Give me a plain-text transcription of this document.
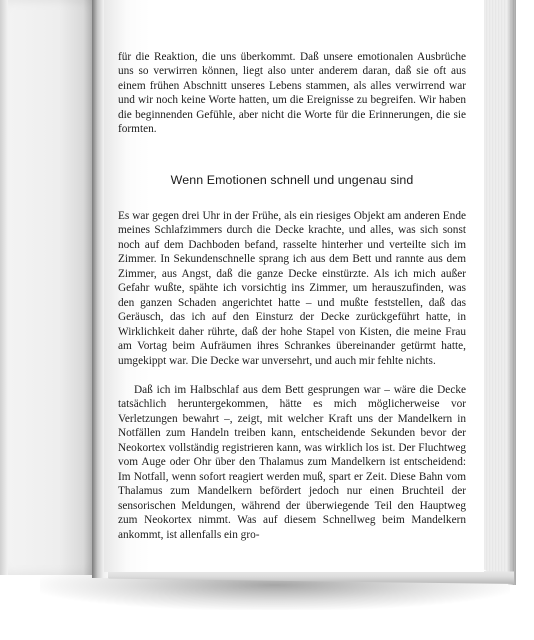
für die Reaktion, die uns überkommt. Daß unsere emotionalen Ausbrüche uns so verwirren können, liegt also unter anderem daran, daß sie oft aus einem frühen Abschnitt unseres Lebens stammen, als alles verwirrend war und wir noch keine Worte hatten, um die Ereignisse zu begreifen. Wir haben die beginnenden Gefühle, aber nicht die Worte für die Erinnerungen, die sie formten.

Wenn Emotionen schnell und ungenau sind

Es war gegen drei Uhr in der Frühe, als ein riesiges Objekt am anderen Ende meines Schlafzimmers durch die Decke krachte, und alles, was sich sonst noch auf dem Dachboden befand, rasselte hinterher und verteilte sich im Zimmer. In Sekundenschnelle sprang ich aus dem Bett und rannte aus dem Zimmer, aus Angst, daß die ganze Decke einstürzte. Als ich mich außer Gefahr wußte, spähte ich vorsichtig ins Zimmer, um herauszufinden, was den ganzen Schaden angerichtet hatte – und mußte feststellen, daß das Geräusch, das ich auf den Einsturz der Decke zurückgeführt hatte, in Wirklichkeit daher rührte, daß der hohe Stapel von Kisten, die meine Frau am Vortag beim Aufräumen ihres Schrankes übereinander getürmt hatte, umgekippt war. Die Decke war unversehrt, und auch mir fehlte nichts.

Daß ich im Halbschlaf aus dem Bett gesprungen war – wäre die Decke tatsächlich heruntergekommen, hätte es mich möglicherweise vor Verletzungen bewahrt –, zeigt, mit welcher Kraft uns der Mandelkern in Notfällen zum Handeln treiben kann, entscheidende Sekunden bevor der Neokortex vollständig registrieren kann, was wirklich los ist. Der Fluchtweg vom Auge oder Ohr über den Thalamus zum Mandelkern ist entscheidend: Im Notfall, wenn sofort reagiert werden muß, spart er Zeit. Diese Bahn vom Thalamus zum Mandelkern befördert jedoch nur einen Bruchteil der sensorischen Meldungen, während der überwiegende Teil den Hauptweg zum Neokortex nimmt. Was auf diesem Schnellweg beim Mandelkern ankommt, ist allenfalls ein gro-
